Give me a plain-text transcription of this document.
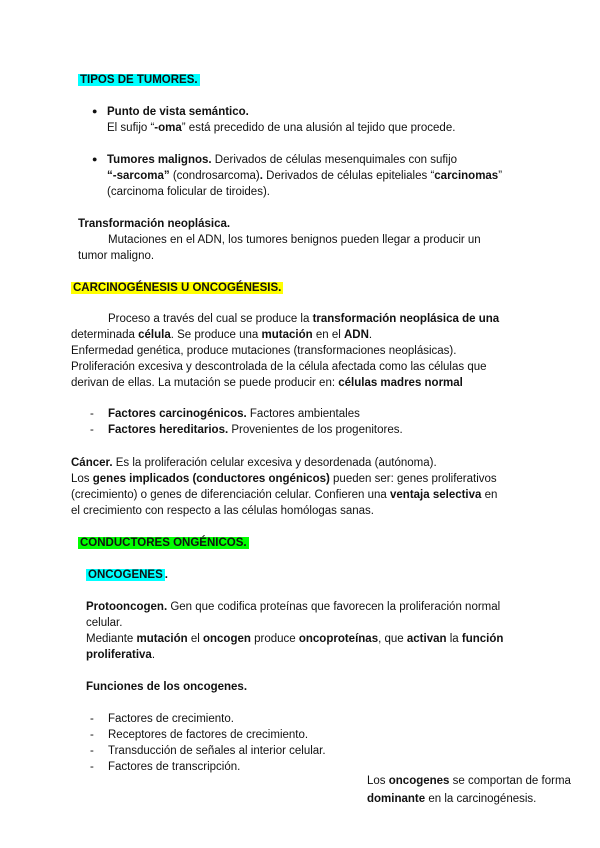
TIPOS DE TUMORES.
● Punto de vista semántico.
El sufijo “-oma” está precedido de una alusión al tejido que procede.
● Tumores malignos. Derivados de células mesenquimales con sufijo
“-sarcoma” (condrosarcoma). Derivados de células epiteliales “carcinomas”
(carcinoma folicular de tiroides).
Transformación neoplásica.
Mutaciones en el ADN, los tumores benignos pueden llegar a producir un
tumor maligno.
CARCINOGÉNESIS U ONCOGÉNESIS.
Proceso a través del cual se produce la transformación neoplásica de una
determinada célula. Se produce una mutación en el ADN.
Enfermedad genética, produce mutaciones (transformaciones neoplásicas).
Proliferación excesiva y descontrolada de la célula afectada como las células que
derivan de ellas. La mutación se puede producir en: células madres normal
- Factores carcinogénicos. Factores ambientales
- Factores hereditarios. Provenientes de los progenitores.
Cáncer. Es la proliferación celular excesiva y desordenada (autónoma).
Los genes implicados (conductores ongénicos) pueden ser: genes proliferativos
(crecimiento) o genes de diferenciación celular. Confieren una ventaja selectiva en
el crecimiento con respecto a las células homólogas sanas.
CONDUCTORES ONGÉNICOS.
ONCOGENES .
Protooncogen. Gen que codifica proteínas que favorecen la proliferación normal
celular.
Mediante mutación el oncogen produce oncoproteínas, que activan la función
proliferativa.
Funciones de los oncogenes.
- Factores de crecimiento.
- Receptores de factores de crecimiento.
- Transducción de señales al interior celular.
- Factores de transcripción.
Los oncogenes se comportan de forma
dominante en la carcinogénesis.
